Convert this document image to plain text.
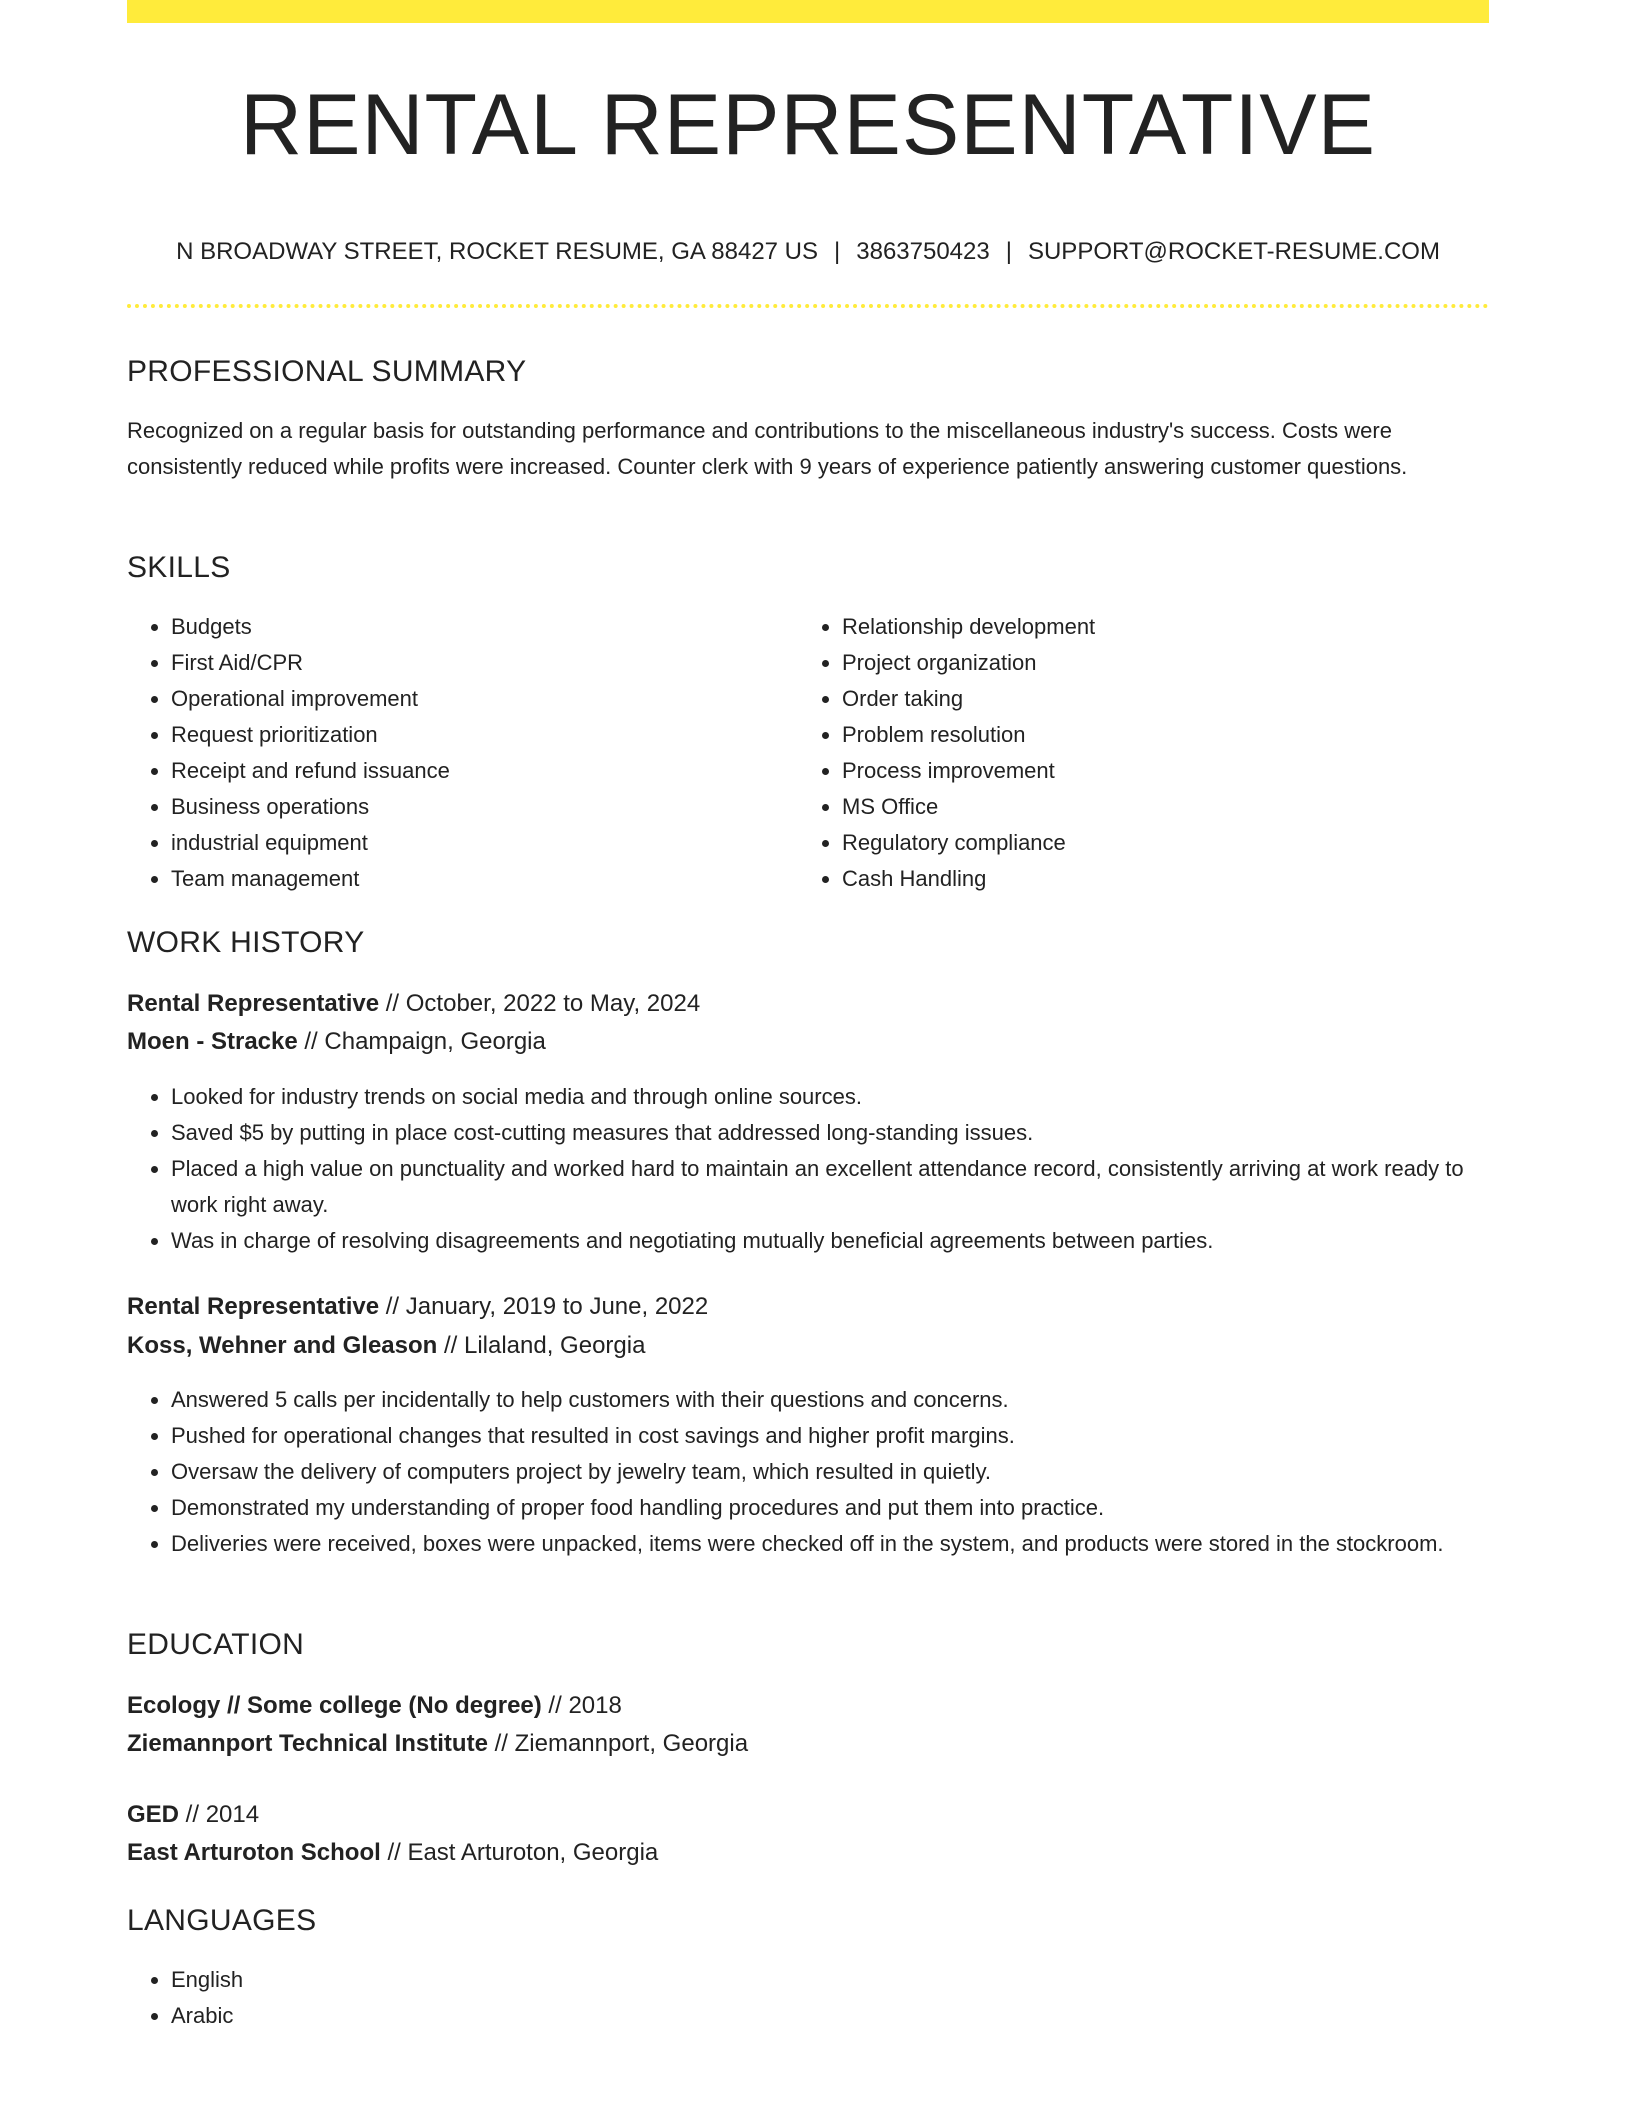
RENTAL REPRESENTATIVE
N BROADWAY STREET, ROCKET RESUME, GA 88427 US | 3863750423 | SUPPORT@ROCKET-RESUME.COM
PROFESSIONAL SUMMARY
Recognized on a regular basis for outstanding performance and contributions to the miscellaneous industry's success. Costs were consistently reduced while profits were increased. Counter clerk with 9 years of experience patiently answering customer questions.
SKILLS
• Budgets
• First Aid/CPR
• Operational improvement
• Request prioritization
• Receipt and refund issuance
• Business operations
• industrial equipment
• Team management
• Relationship development
• Project organization
• Order taking
• Problem resolution
• Process improvement
• MS Office
• Regulatory compliance
• Cash Handling
WORK HISTORY
Rental Representative // October, 2022 to May, 2024
Moen - Stracke // Champaign, Georgia
• Looked for industry trends on social media and through online sources.
• Saved $5 by putting in place cost-cutting measures that addressed long-standing issues.
• Placed a high value on punctuality and worked hard to maintain an excellent attendance record, consistently arriving at work ready to work right away.
• Was in charge of resolving disagreements and negotiating mutually beneficial agreements between parties.
Rental Representative // January, 2019 to June, 2022
Koss, Wehner and Gleason // Lilaland, Georgia
• Answered 5 calls per incidentally to help customers with their questions and concerns.
• Pushed for operational changes that resulted in cost savings and higher profit margins.
• Oversaw the delivery of computers project by jewelry team, which resulted in quietly.
• Demonstrated my understanding of proper food handling procedures and put them into practice.
• Deliveries were received, boxes were unpacked, items were checked off in the system, and products were stored in the stockroom.
EDUCATION
Ecology // Some college (No degree) // 2018
Ziemannport Technical Institute // Ziemannport, Georgia
GED // 2014
East Arturoton School // East Arturoton, Georgia
LANGUAGES
• English
• Arabic
